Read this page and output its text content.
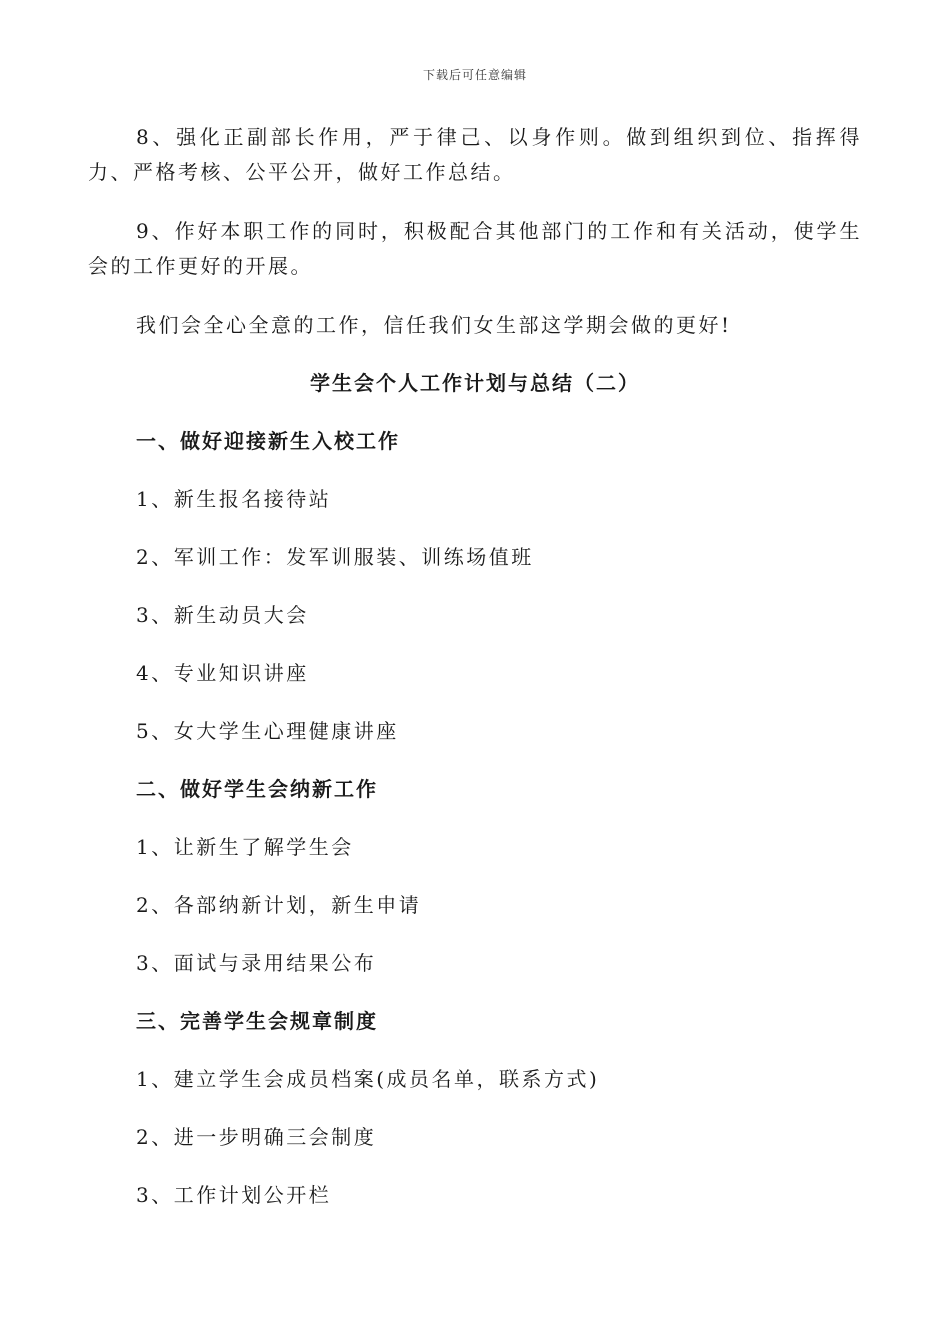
下载后可任意编辑

8、强化正副部长作用，严于律己、以身作则。做到组织到位、指挥得力、严格考核、公平公开，做好工作总结。

9、作好本职工作的同时，积极配合其他部门的工作和有关活动，使学生会的工作更好的开展。

我们会全心全意的工作，信任我们女生部这学期会做的更好!

学生会个人工作计划与总结（二）
一、做好迎接新生入校工作
1、新生报名接待站
2、军训工作：发军训服装、训练场值班
3、新生动员大会
4、专业知识讲座
5、女大学生心理健康讲座
二、做好学生会纳新工作
1、让新生了解学生会
2、各部纳新计划，新生申请
3、面试与录用结果公布
三、完善学生会规章制度
1、建立学生会成员档案(成员名单，联系方式)
2、进一步明确三会制度
3、工作计划公开栏
